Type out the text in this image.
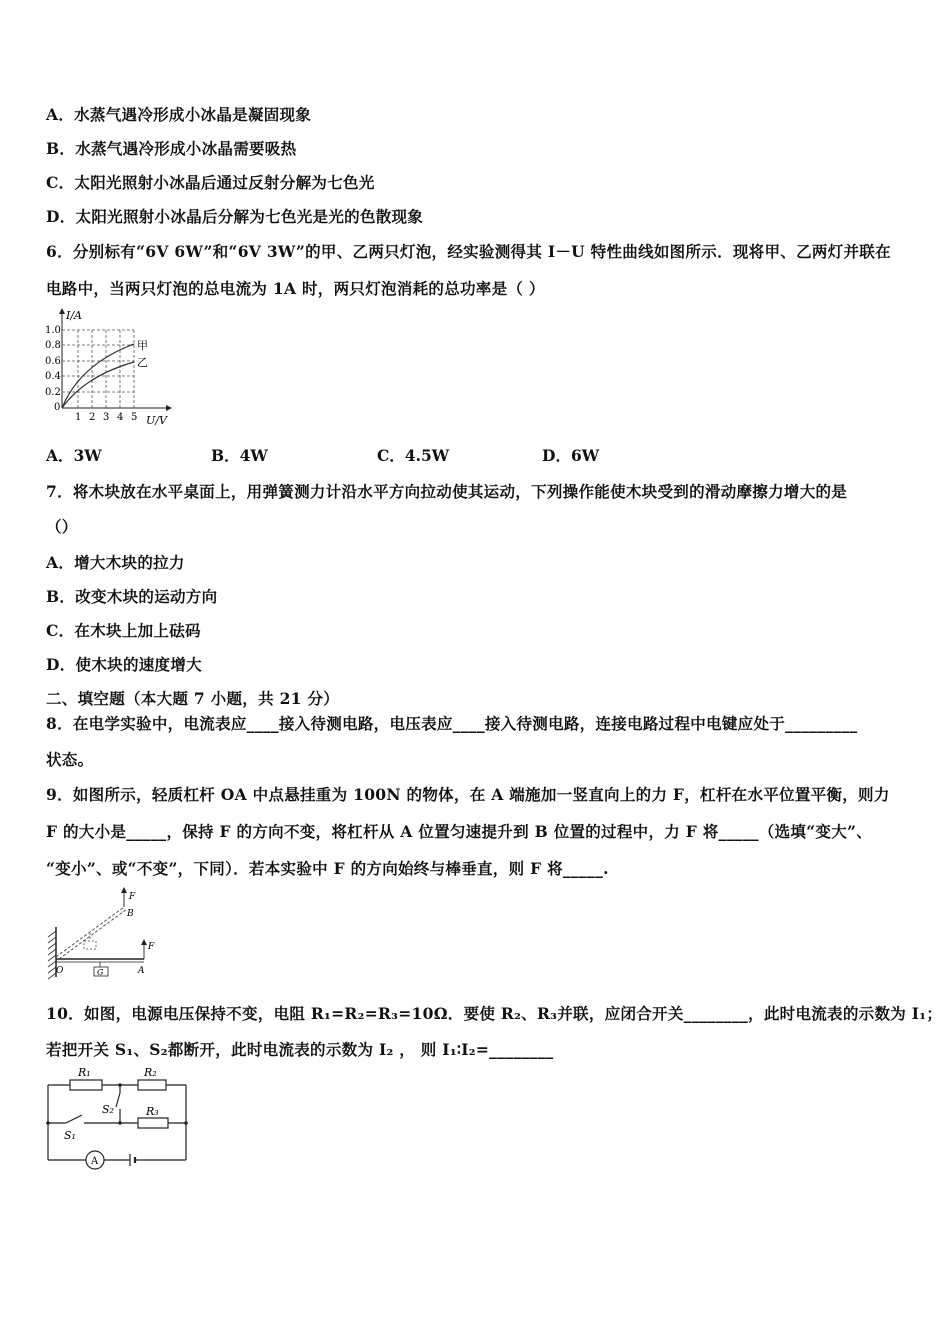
A．水蒸气遇冷形成小冰晶是凝固现象
B．水蒸气遇冷形成小冰晶需要吸热
C．太阳光照射小冰晶后通过反射分解为七色光
D．太阳光照射小冰晶后分解为七色光是光的色散现象
6．分别标有“6V 6W”和“6V 3W”的甲、乙两只灯泡，经实验测得其 I－U 特性曲线如图所示．现将甲、乙两灯并联在
电路中，当两只灯泡的总电流为 1A 时，两只灯泡消耗的总功率是（ ）
I/A
U/V
1.0
0.8
0.6
0.4
0.2
0
1 2 3 4 5
甲
乙
A．3W	B．4W	C．4.5W	D．6W
7．将木块放在水平桌面上，用弹簧测力计沿水平方向拉动使其运动，下列操作能使木块受到的滑动摩擦力增大的是
（）
A．增大木块的拉力
B．改变木块的运动方向
C．在木块上加上砝码
D．使木块的速度增大
二、填空题（本大题 7 小题，共 21 分）
8．在电学实验中，电流表应____接入待测电路，电压表应____接入待测电路，连接电路过程中电键应处于_________
状态。
9．如图所示，轻质杠杆 OA 中点悬挂重为 100N 的物体，在 A 端施加一竖直向上的力 F，杠杆在水平位置平衡，则力
F 的大小是_____，保持 F 的方向不变，将杠杆从 A 位置匀速提升到 B 位置的过程中，力 F 将_____（选填“变大”、
“变小”、或“不变”，下同）．若本实验中 F 的方向始终与棒垂直，则 F 将_____.
G
F
B
F
A
O
10．如图，电源电压保持不变，电阻 R₁=R₂=R₃=10Ω．要使 R₂、R₃并联，应闭合开关________，此时电流表的示数为 I₁；
若把开关 S₁、S₂都断开，此时电流表的示数为 I₂ ， 则 I₁∶I₂=________
R₁	R₂
R₃
S₂
S₁
A
